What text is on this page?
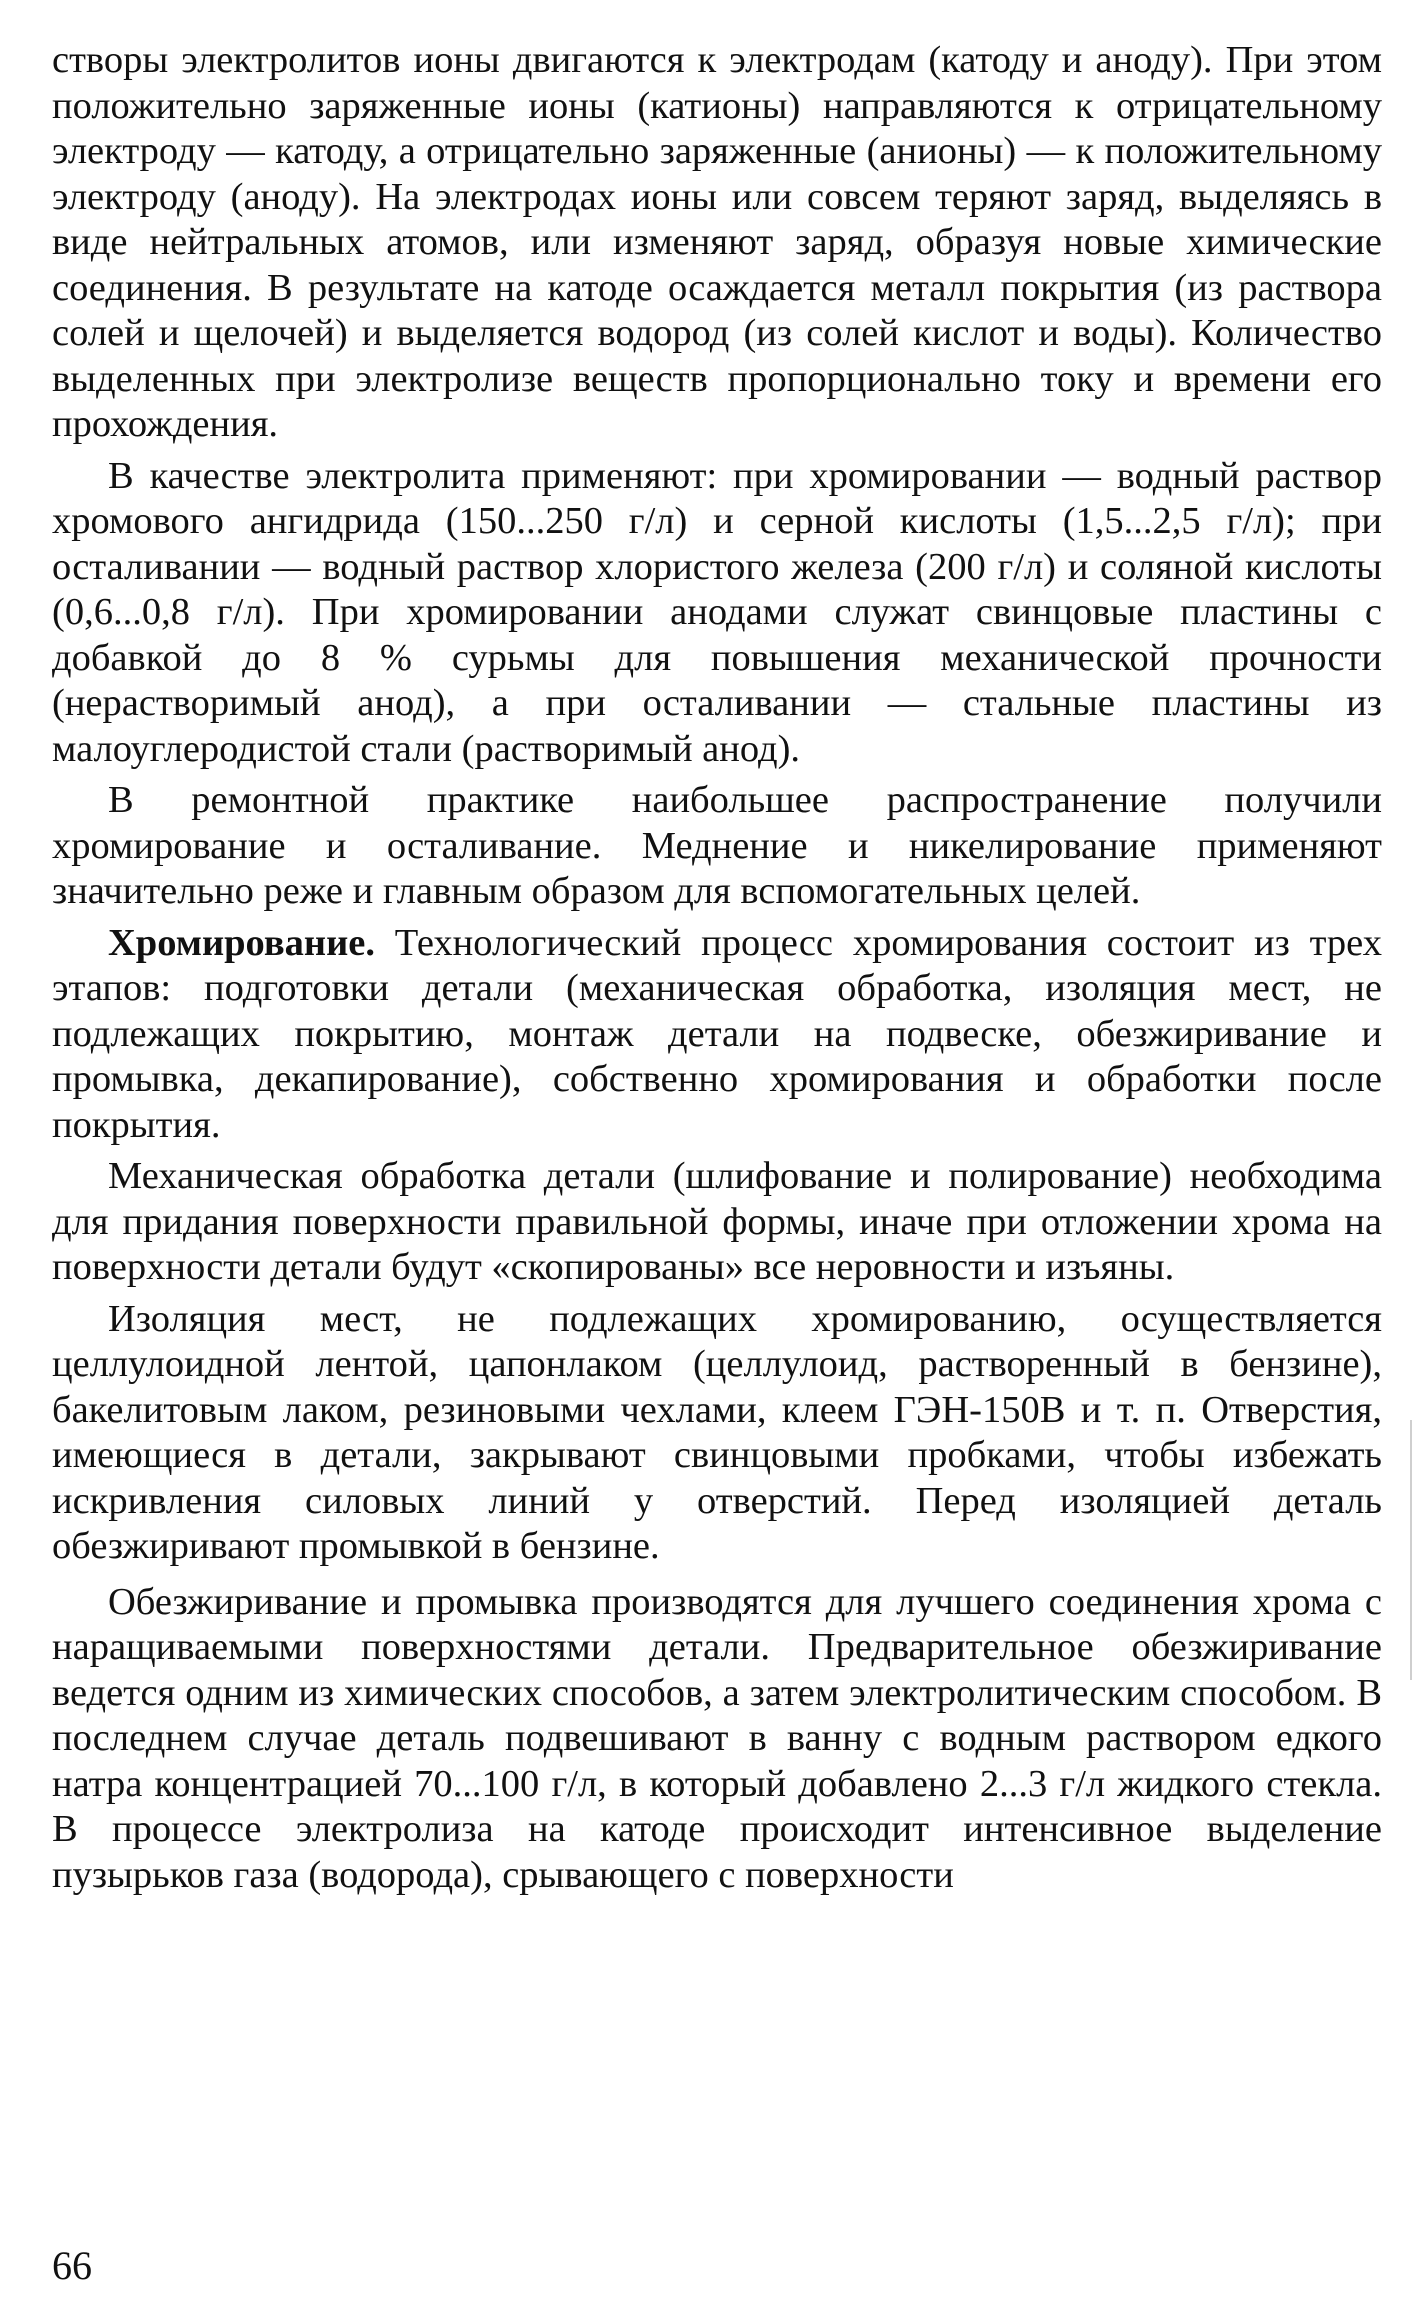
створы электролитов ионы двигаются к электродам (катоду и аноду). При этом положительно заряженные ионы (катионы) направляются к отрицательному электроду — катоду, а отрицательно заряженные (анионы) — к положительному электроду (аноду). На электродах ионы или совсем теряют заряд, выделяясь в виде нейтральных атомов, или изменяют заряд, образуя новые химические соединения. В результате на катоде осаждается металл покрытия (из раствора солей и щелочей) и выделяется водород (из солей кислот и воды). Количество выделенных при электролизе веществ пропорционально току и времени его прохождения.

В качестве электролита применяют: при хромировании — водный раствор хромового ангидрида (150...250 г/л) и серной кислоты (1,5...2,5 г/л); при осталивании — водный раствор хлористого железа (200 г/л) и соляной кислоты (0,6...0,8 г/л). При хромировании анодами служат свинцовые пластины с добавкой до 8 % сурьмы для повышения механической прочности (нерастворимый анод), а при осталивании — стальные пластины из малоуглеродистой стали (растворимый анод).

В ремонтной практике наибольшее распространение получили хромирование и осталивание. Меднение и никелирование применяют значительно реже и главным образом для вспомогательных целей.

Хромирование. Технологический процесс хромирования состоит из трех этапов: подготовки детали (механическая обработка, изоляция мест, не подлежащих покрытию, монтаж детали на подвеске, обезжиривание и промывка, декапирование), собственно хромирования и обработки после покрытия.

Механическая обработка детали (шлифование и полирование) необходима для придания поверхности правильной формы, иначе при отложении хрома на поверхности детали будут «скопированы» все неровности и изъяны.

Изоляция мест, не подлежащих хромированию, осуществляется целлулоидной лентой, цапонлаком (целлулоид, растворенный в бензине), бакелитовым лаком, резиновыми чехлами, клеем ГЭН-150В и т. п. Отверстия, имеющиеся в детали, закрывают свинцовыми пробками, чтобы избежать искривления силовых линий у отверстий. Перед изоляцией деталь обезжиривают промывкой в бензине.

Обезжиривание и промывка производятся для лучшего соединения хрома с наращиваемыми поверхностями детали. Предварительное обезжиривание ведется одним из химических способов, а затем электролитическим способом. В последнем случае деталь подвешивают в ванну с водным раствором едкого натра концентрацией 70...100 г/л, в который добавлено 2...3 г/л жидкого стекла. В процессе электролиза на катоде происходит интенсивное выделение пузырьков газа (водорода), срывающего с поверхности

66
